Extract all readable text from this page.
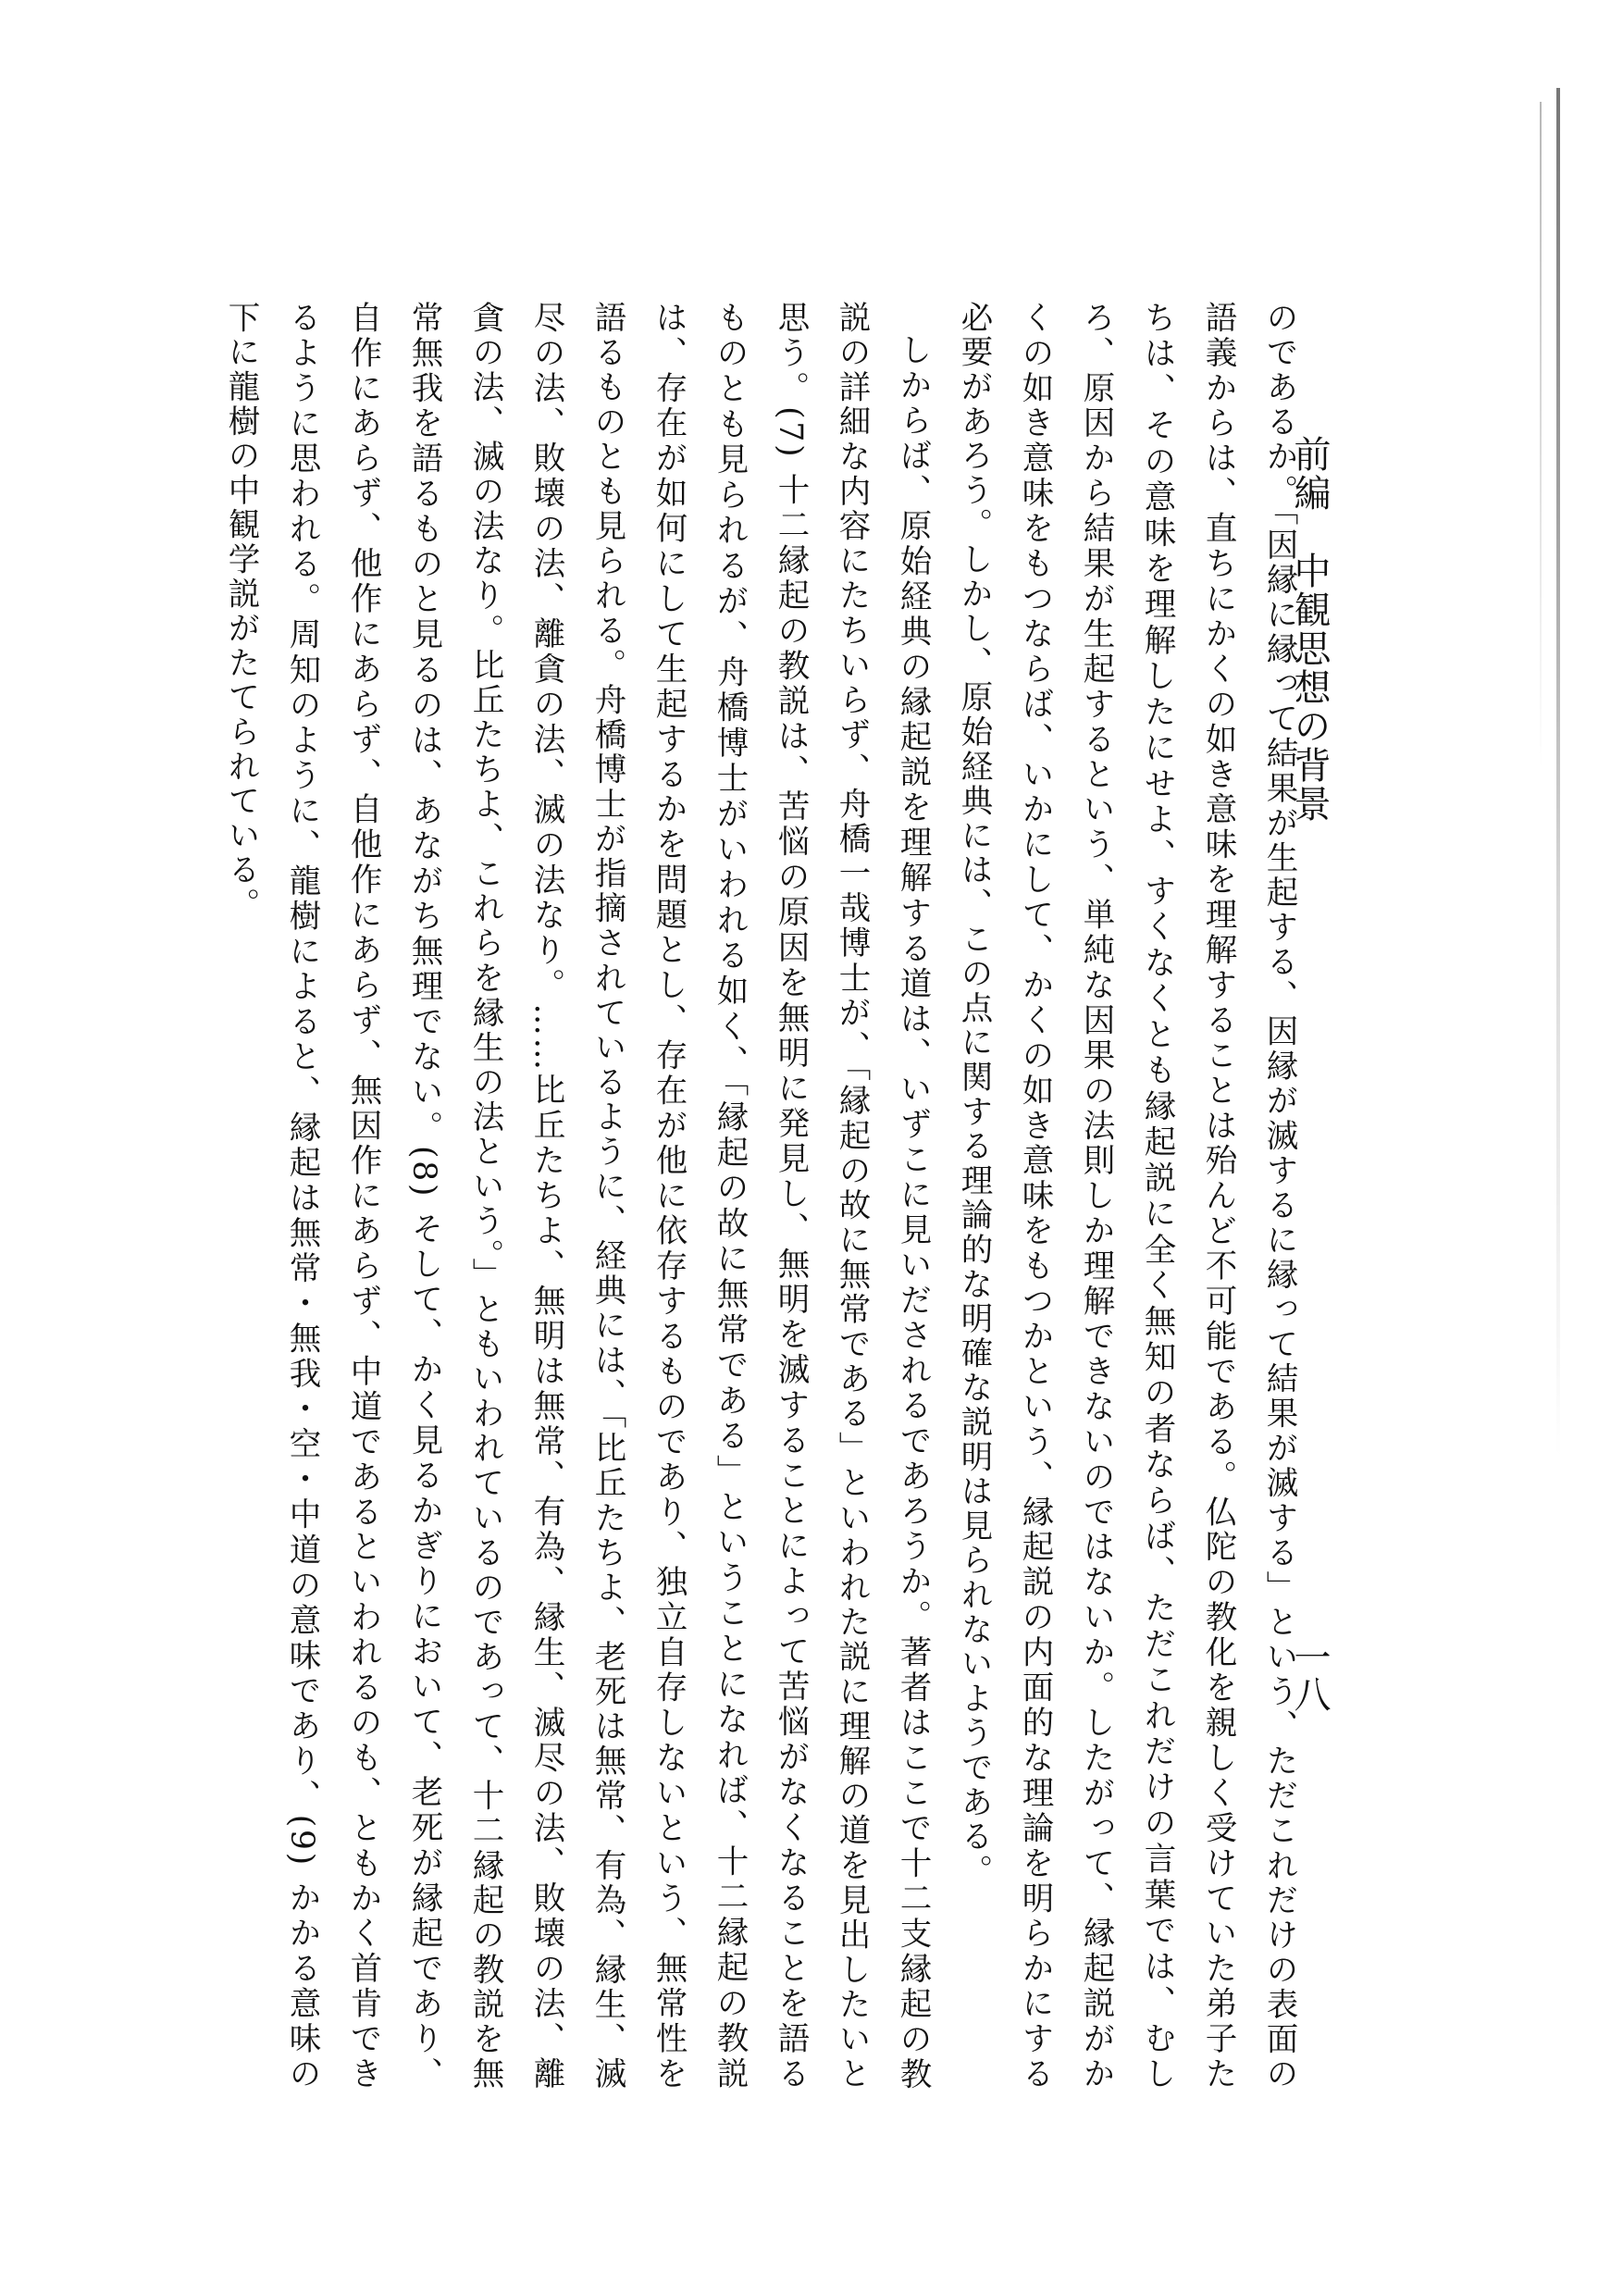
前編　中観思想の背景
一八

のであるか。「因縁に縁って結果が生起する、因縁が滅するに縁って結果が滅する」という、ただこれだけの表面の語義からは、直ちにかくの如き意味を理解することは殆んど不可能である。仏陀の教化を親しく受けていた弟子たちは、その意味を理解したにせよ、すくなくとも縁起説に全く無知の者ならば、ただこれだけの言葉では、むしろ、原因から結果が生起するという、単純な因果の法則しか理解できないのではないか。したがって、縁起説がかくの如き意味をもつならば、いかにして、かくの如き意味をもつかという、縁起説の内面的な理論を明らかにする必要があろう。しかし、原始経典には、この点に関する理論的な明確な説明は見られないようである。

しからば、原始経典の縁起説を理解する道は、いずこに見いだされるであろうか。著者はここで十二支縁起の教説の詳細な内容にたちいらず、舟橋一哉博士が、「縁起の故に無常である」といわれた説に理解の道を見出したいと思う。(7) 十二縁起の教説は、苦悩の原因を無明に発見し、無明を滅することによって苦悩がなくなることを語るものとも見られるが、舟橋博士がいわれる如く、「縁起の故に無常である」ということになれば、十二縁起の教説は、存在が如何にして生起するかを問題とし、存在が他に依存するものであり、独立自存しないという、無常性を語るものとも見られる。舟橋博士が指摘されているように、経典には、「比丘たちよ、老死は無常、有為、縁生、滅尽の法、敗壊の法、離貪の法、滅の法なり。……比丘たちよ、無明は無常、有為、縁生、滅尽の法、敗壊の法、離貪の法、滅の法なり。比丘たちよ、これらを縁生の法という。」ともいわれているのであって、十二縁起の教説を無常無我を語るものと見るのは、あながち無理でない。(8) そして、かく見るかぎりにおいて、老死が縁起であり、自作にあらず、他作にあらず、自他作にあらず、無因作にあらず、中道であるといわれるのも、ともかく首肯できるように思われる。周知のように、龍樹によると、縁起は無常・無我・空・中道の意味であり、(9) かかる意味の下に龍樹の中観学説がたてられている。
